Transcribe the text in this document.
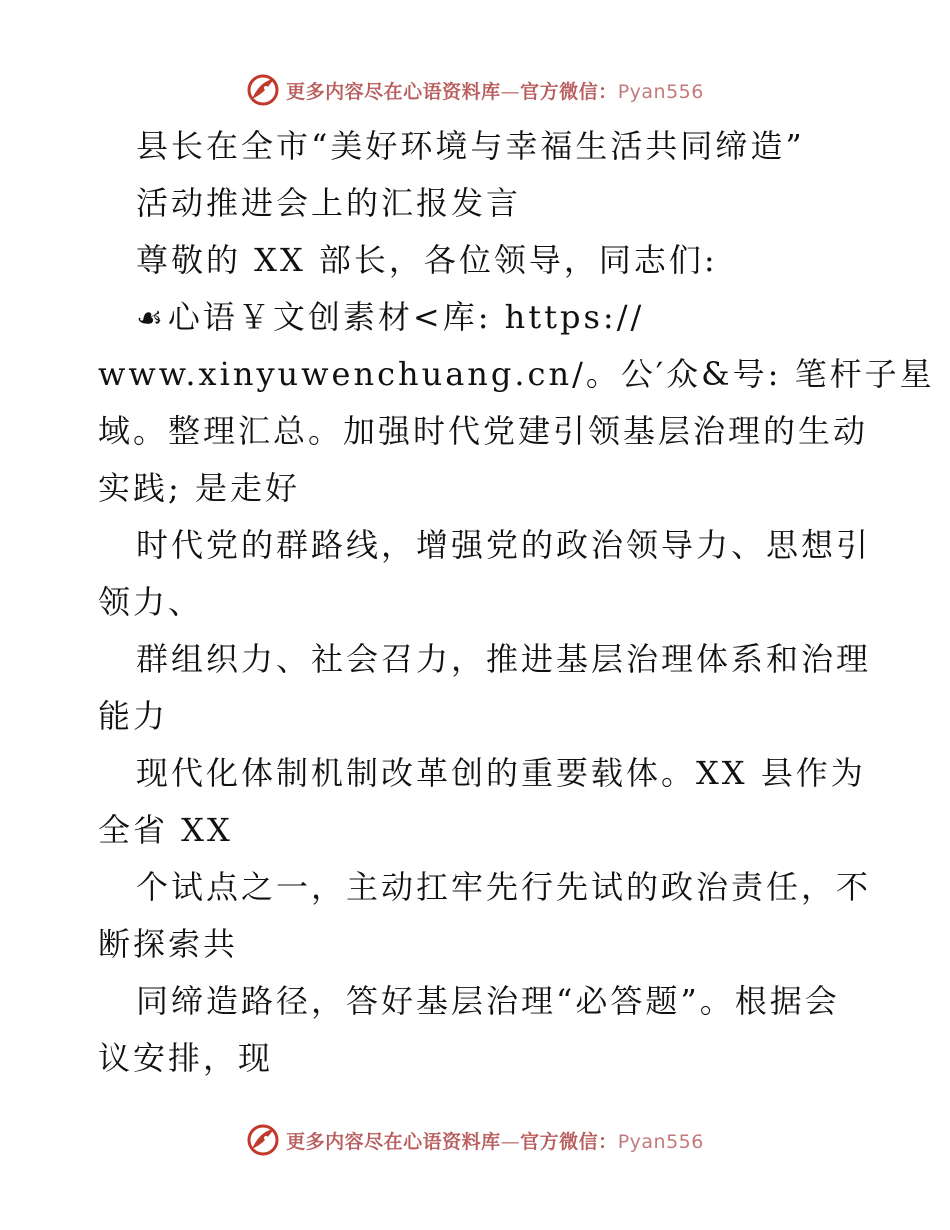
更多内容尽在心语资料库—官方微信：Pyan556
县长在全市“美好环境与幸福生活共同缔造”
活动推进会上的汇报发言
尊敬的 XX 部长，各位领导，同志们:
☙心语￥文创素材<库: https://
www.xinyuwenchuang.cn/。公′众&号: 笔杆子星
域。整理汇总。加强时代党建引领基层治理的生动
实践; 是走好
时代党的群路线，增强党的政治领导力、思想引
领力、
群组织力、社会召力，推进基层治理体系和治理
能力
现代化体制机制改革创的重要载体。XX 县作为
全省 XX
个试点之一，主动扛牢先行先试的政治责任，不
断探索共
同缔造路径，答好基层治理“必答题”。根据会
议安排，现
更多内容尽在心语资料库—官方微信：Pyan556
